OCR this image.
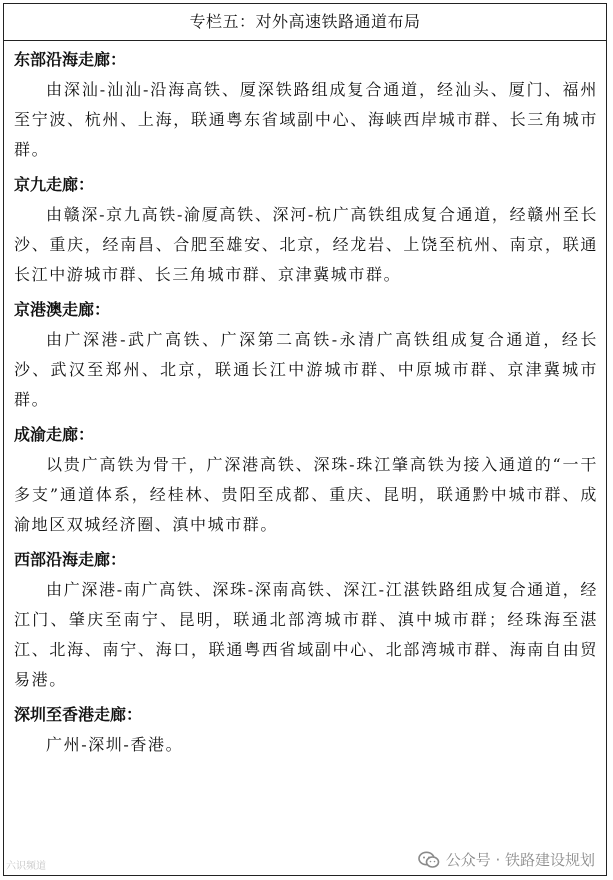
专栏五：对外高速铁路通道布局
东部沿海走廊：

由深汕-汕汕-沿海高铁、厦深铁路组成复合通道，经汕头、厦门、福州至宁波、杭州、上海，联通粤东省域副中心、海峡西岸城市群、长三角城市群。

京九走廊：

由赣深-京九高铁-渝厦高铁、深河-杭广高铁组成复合通道，经赣州至长沙、重庆，经南昌、合肥至雄安、北京，经龙岩、上饶至杭州、南京，联通长江中游城市群、长三角城市群、京津冀城市群。

京港澳走廊：

由广深港-武广高铁、广深第二高铁-永清广高铁组成复合通道，经长沙、武汉至郑州、北京，联通长江中游城市群、中原城市群、京津冀城市群。

成渝走廊：

以贵广高铁为骨干，广深港高铁、深珠-珠江肇高铁为接入通道的“一干多支”通道体系，经桂林、贵阳至成都、重庆、昆明，联通黔中城市群、成渝地区双城经济圈、滇中城市群。

西部沿海走廊：

由广深港-南广高铁、深珠-深南高铁、深江-江湛铁路组成复合通道，经江门、肇庆至南宁、昆明，联通北部湾城市群、滇中城市群；经珠海至湛江、北海、南宁、海口，联通粤西省域副中心、北部湾城市群、海南自由贸易港。

深圳至香港走廊：

广州-深圳-香港。

六识频道	公众号 · 铁路建设规划
